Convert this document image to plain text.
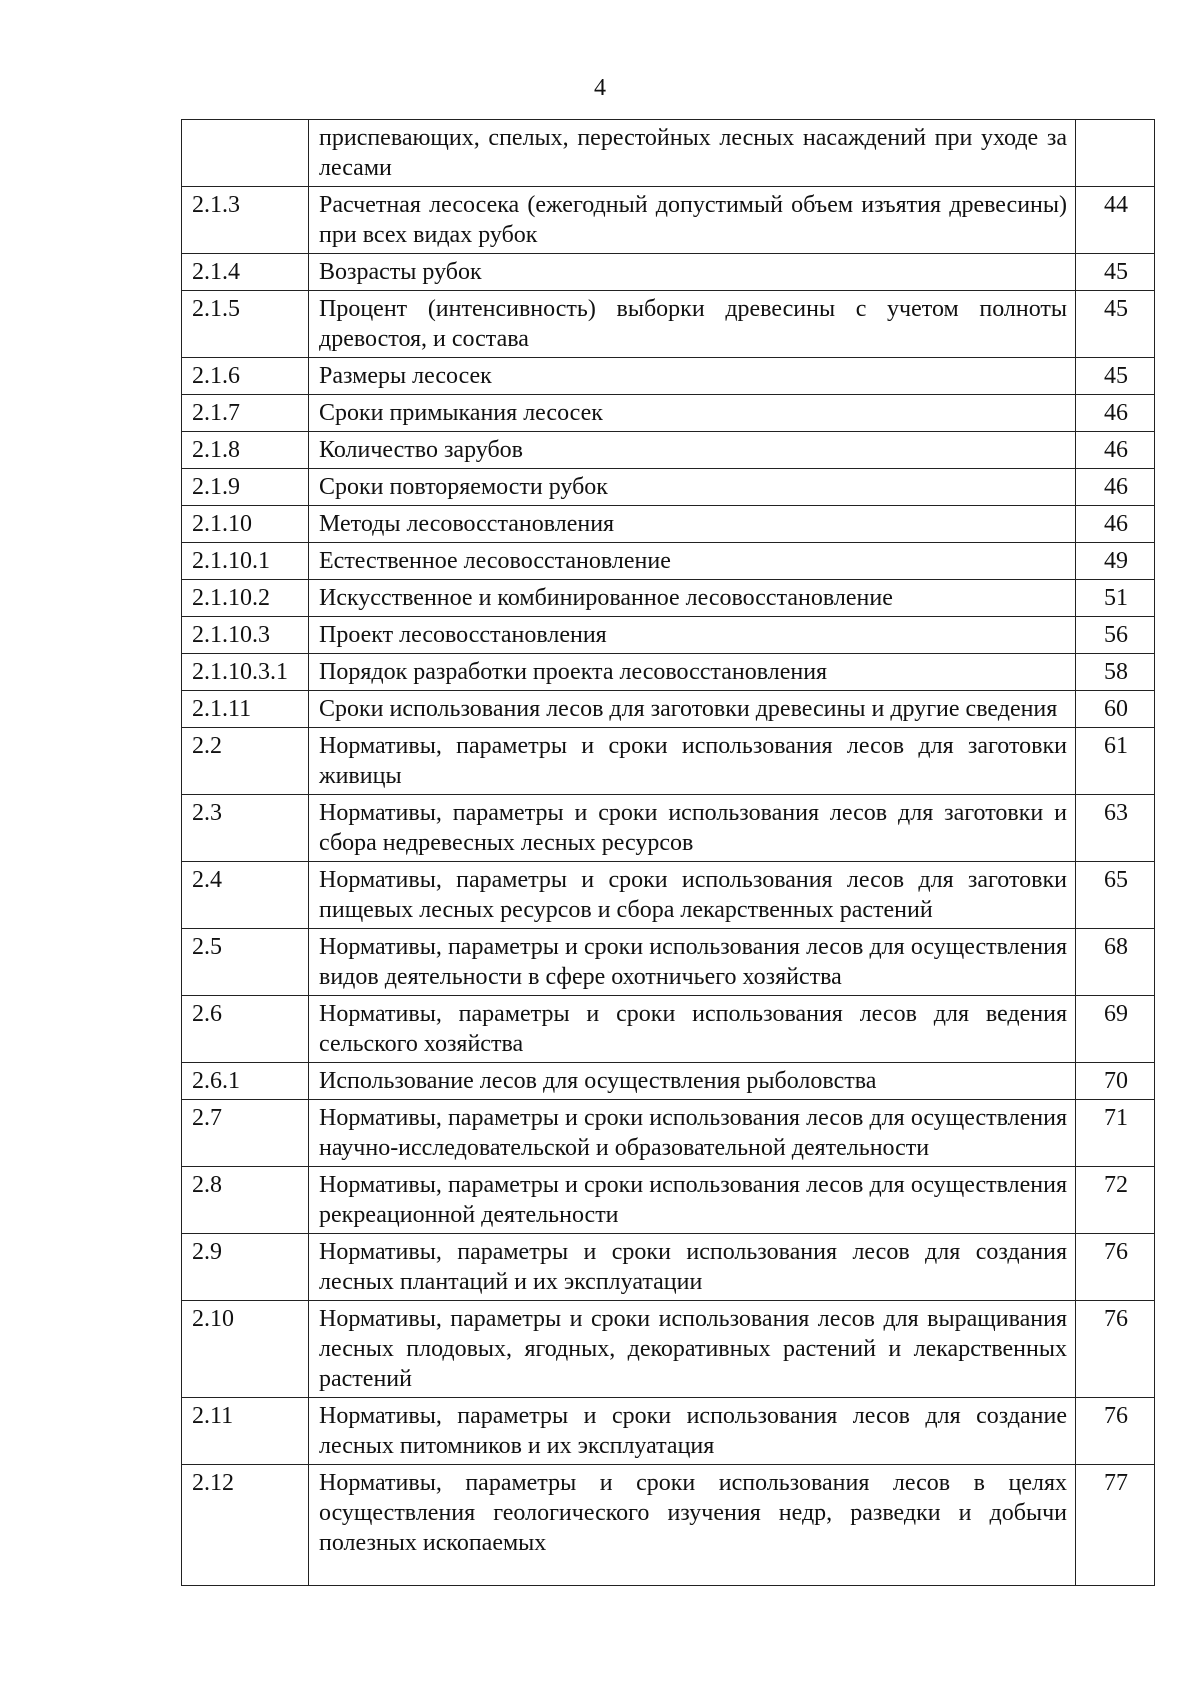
4
	приспевающих, спелых, перестойных лесных насаждений при уходе за лесами	
2.1.3	Расчетная лесосека (ежегодный допустимый объем изъятия древесины) при всех видах рубок	44
2.1.4	Возрасты рубок	45
2.1.5	Процент (интенсивность) выборки древесины с учетом полноты древостоя, и состава	45
2.1.6	Размеры лесосек	45
2.1.7	Сроки примыкания лесосек	46
2.1.8	Количество зарубов	46
2.1.9	Сроки повторяемости рубок	46
2.1.10	Методы лесовосстановления	46
2.1.10.1	Естественное лесовосстановление	49
2.1.10.2	Искусственное и комбинированное лесовосстановление	51
2.1.10.3	Проект лесовосстановления	56
2.1.10.3.1	Порядок разработки проекта лесовосстановления	58
2.1.11	Сроки использования лесов для заготовки древесины и другие сведения	60
2.2	Нормативы, параметры и сроки использования лесов для заготовки живицы	61
2.3	Нормативы, параметры и сроки использования лесов для заготовки и сбора недревесных лесных ресурсов	63
2.4	Нормативы, параметры и сроки использования лесов для заготовки пищевых лесных ресурсов и сбора лекарственных растений	65
2.5	Нормативы, параметры и сроки использования лесов для осуществления видов деятельности в сфере охотничьего хозяйства	68
2.6	Нормативы, параметры и сроки использования лесов для ведения сельского хозяйства	69
2.6.1	Использование лесов для осуществления рыболовства	70
2.7	Нормативы, параметры и сроки использования лесов для осуществления научно-исследовательской и образовательной деятельности	71
2.8	Нормативы, параметры и сроки использования лесов для осуществления рекреационной деятельности	72
2.9	Нормативы, параметры и сроки использования лесов для создания лесных плантаций и их эксплуатации	76
2.10	Нормативы, параметры и сроки использования лесов для выращивания лесных плодовых, ягодных, декоративных растений и лекарственных растений	76
2.11	Нормативы, параметры и сроки использования лесов для создание лесных питомников и их эксплуатация	76
2.12	Нормативы, параметры и сроки использования лесов в целях осуществления геологического изучения недр, разведки и добычи полезных ископаемых	77
